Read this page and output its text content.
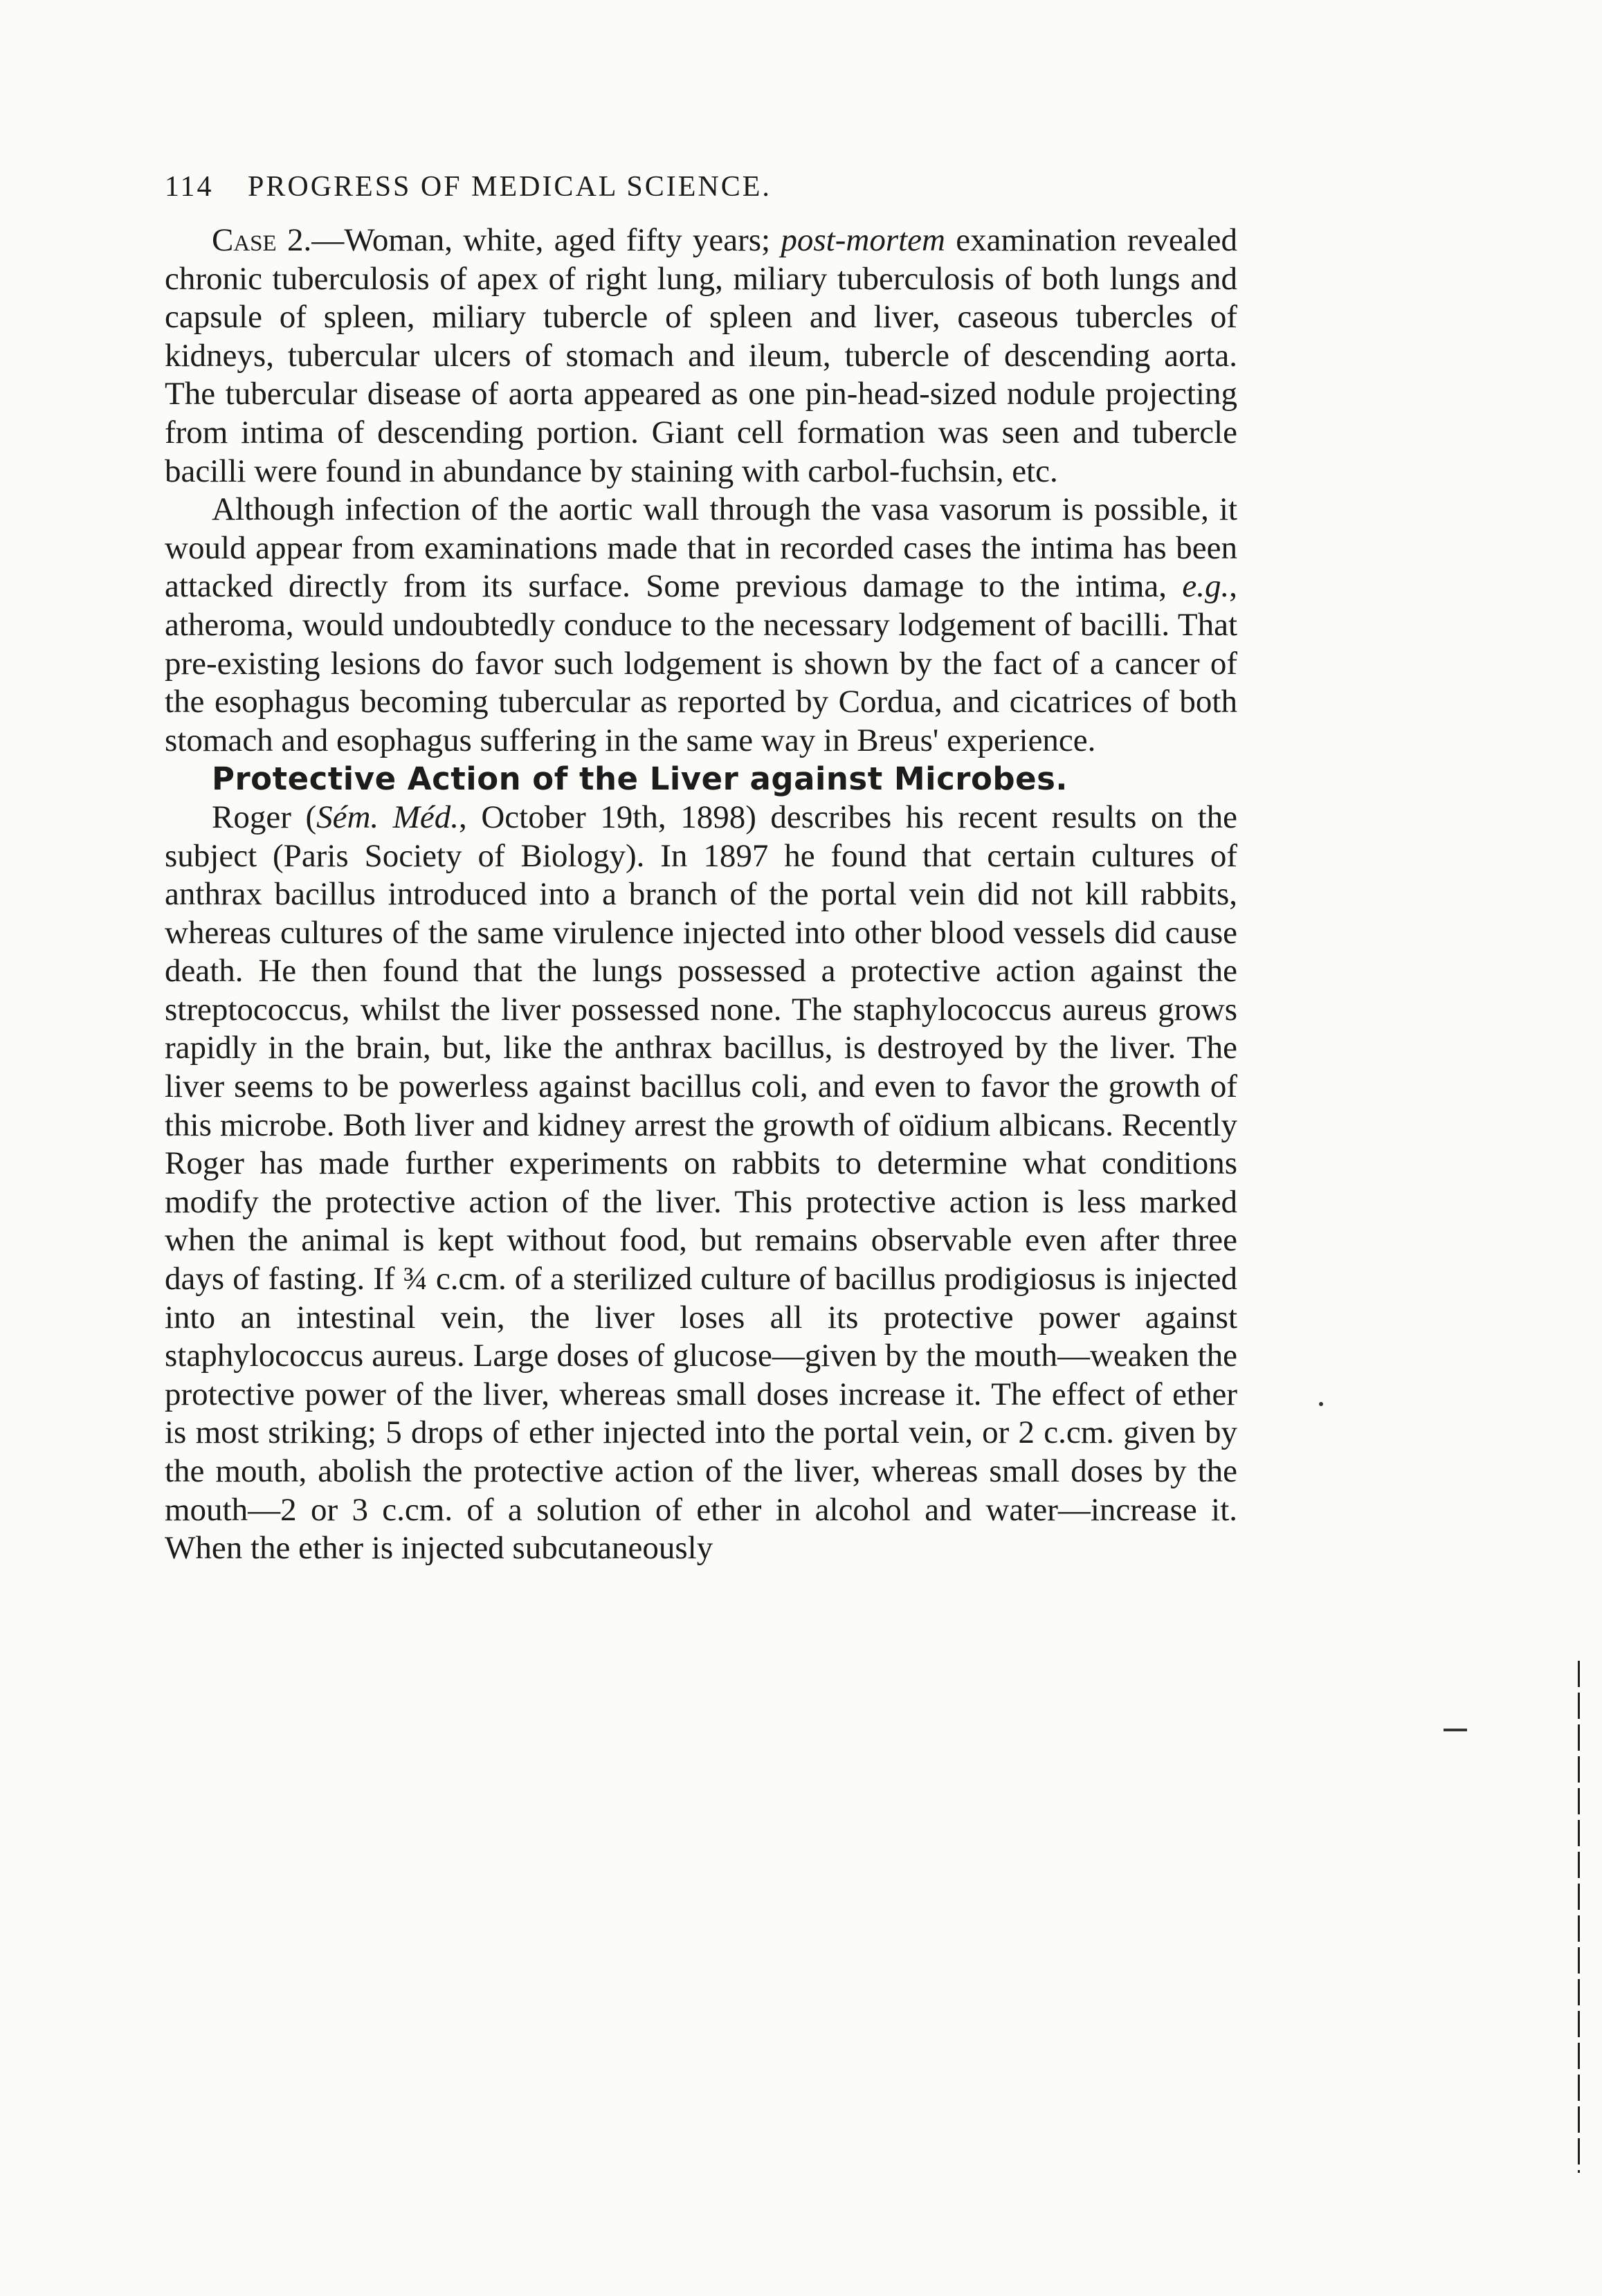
114 PROGRESS OF MEDICAL SCIENCE.

Case 2.—Woman, white, aged fifty years; post-mortem examination revealed chronic tuberculosis of apex of right lung, miliary tuberculosis of both lungs and capsule of spleen, miliary tubercle of spleen and liver, caseous tubercles of kidneys, tubercular ulcers of stomach and ileum, tubercle of descending aorta. The tubercular disease of aorta appeared as one pin-head-sized nodule projecting from intima of descending portion. Giant cell formation was seen and tubercle bacilli were found in abundance by staining with carbol-fuchsin, etc.

Although infection of the aortic wall through the vasa vasorum is possible, it would appear from examinations made that in recorded cases the intima has been attacked directly from its surface. Some previous damage to the intima, e.g., atheroma, would undoubtedly conduce to the necessary lodgement of bacilli. That pre-existing lesions do favor such lodgement is shown by the fact of a cancer of the esophagus becoming tubercular as reported by Cordua, and cicatrices of both stomach and esophagus suffering in the same way in Breus' experience.

Protective Action of the Liver against Microbes.

Roger (Sém. Méd., October 19th, 1898) describes his recent results on the subject (Paris Society of Biology). In 1897 he found that certain cultures of anthrax bacillus introduced into a branch of the portal vein did not kill rabbits, whereas cultures of the same virulence injected into other blood vessels did cause death. He then found that the lungs possessed a protective action against the streptococcus, whilst the liver possessed none. The staphylococcus aureus grows rapidly in the brain, but, like the anthrax bacillus, is destroyed by the liver. The liver seems to be powerless against bacillus coli, and even to favor the growth of this microbe. Both liver and kidney arrest the growth of oïdium albicans. Recently Roger has made further experiments on rabbits to determine what conditions modify the protective action of the liver. This protective action is less marked when the animal is kept without food, but remains observable even after three days of fasting. If ¾ c.cm. of a sterilized culture of bacillus prodigiosus is injected into an intestinal vein, the liver loses all its protective power against staphylococcus aureus. Large doses of glucose—given by the mouth—weaken the protective power of the liver, whereas small doses increase it. The effect of ether is most striking; 5 drops of ether injected into the portal vein, or 2 c.cm. given by the mouth, abolish the protective action of the liver, whereas small doses by the mouth—2 or 3 c.cm. of a solution of ether in alcohol and water—increase it. When the ether is injected subcutaneously
